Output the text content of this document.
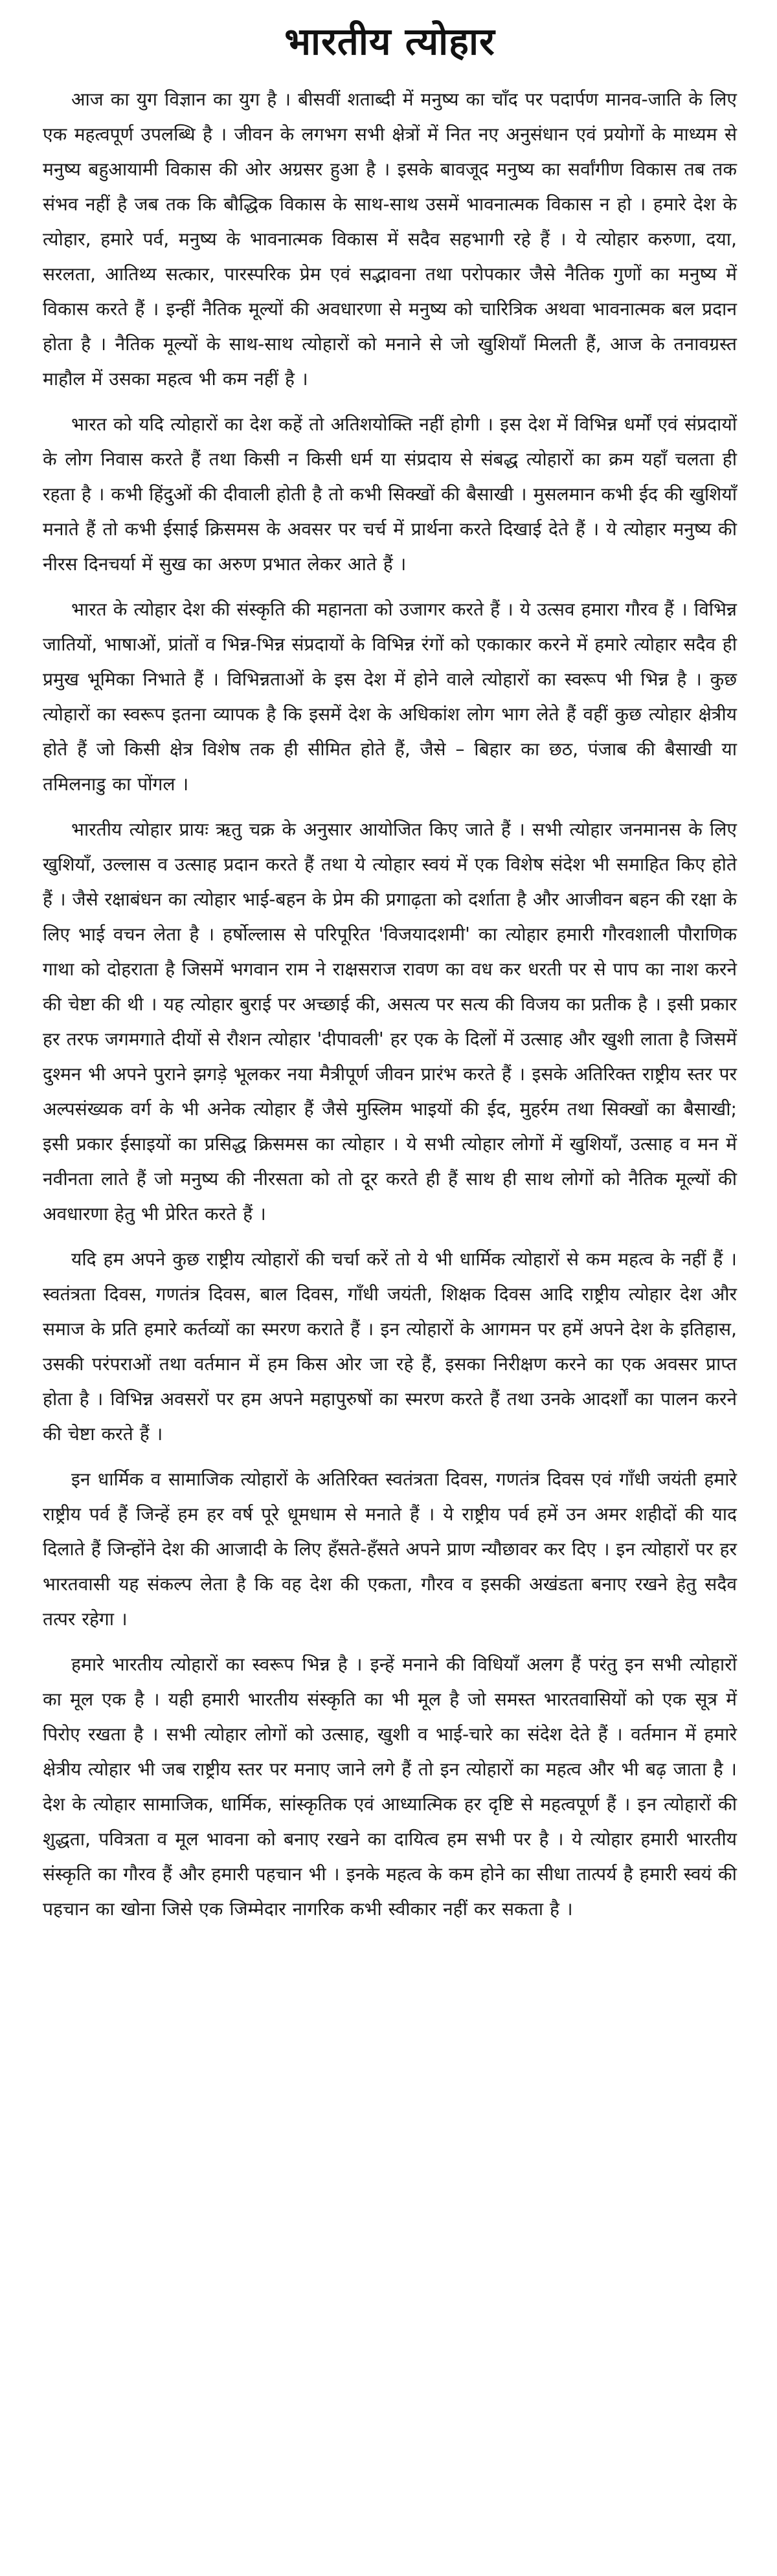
भारतीय त्योहार

आज का युग विज्ञान का युग है । बीसवीं शताब्दी में मनुष्य का चाँद पर पदार्पण मानव-जाति के लिए एक महत्वपूर्ण उपलब्धि है । जीवन के लगभग सभी क्षेत्रों में नित नए अनुसंधान एवं प्रयोगों के माध्यम से मनुष्य बहुआयामी विकास की ओर अग्रसर हुआ है । इसके बावजूद मनुष्य का सर्वांगीण विकास तब तक संभव नहीं है जब तक कि बौद्धिक विकास के साथ-साथ उसमें भावनात्मक विकास न हो । हमारे देश के त्योहार, हमारे पर्व, मनुष्य के भावनात्मक विकास में सदैव सहभागी रहे हैं । ये त्योहार करुणा, दया, सरलता, आतिथ्य सत्कार, पारस्परिक प्रेम एवं सद्भावना तथा परोपकार जैसे नैतिक गुणों का मनुष्य में विकास करते हैं । इन्हीं नैतिक मूल्यों की अवधारणा से मनुष्य को चारित्रिक अथवा भावनात्मक बल प्रदान होता है । नैतिक मूल्यों के साथ-साथ त्योहारों को मनाने से जो खुशियाँ मिलती हैं, आज के तनावग्रस्त माहौल में उसका महत्व भी कम नहीं है ।

भारत को यदि त्योहारों का देश कहें तो अतिशयोक्ति नहीं होगी । इस देश में विभिन्न धर्मों एवं संप्रदायों के लोग निवास करते हैं तथा किसी न किसी धर्म या संप्रदाय से संबद्ध त्योहारों का क्रम यहाँ चलता ही रहता है । कभी हिंदुओं की दीवाली होती है तो कभी सिक्खों की बैसाखी । मुसलमान कभी ईद की खुशियाँ मनाते हैं तो कभी ईसाई क्रिसमस के अवसर पर चर्च में प्रार्थना करते दिखाई देते हैं । ये त्योहार मनुष्य की नीरस दिनचर्या में सुख का अरुण प्रभात लेकर आते हैं ।

भारत के त्योहार देश की संस्कृति की महानता को उजागर करते हैं । ये उत्सव हमारा गौरव हैं । विभिन्न जातियों, भाषाओं, प्रांतों व भिन्न-भिन्न संप्रदायों के विभिन्न रंगों को एकाकार करने में हमारे त्योहार सदैव ही प्रमुख भूमिका निभाते हैं । विभिन्नताओं के इस देश में होने वाले त्योहारों का स्वरूप भी भिन्न है । कुछ त्योहारों का स्वरूप इतना व्यापक है कि इसमें देश के अधिकांश लोग भाग लेते हैं वहीं कुछ त्योहार क्षेत्रीय होते हैं जो किसी क्षेत्र विशेष तक ही सीमित होते हैं, जैसे – बिहार का छठ, पंजाब की बैसाखी या तमिलनाडु का पोंगल ।

भारतीय त्योहार प्रायः ऋतु चक्र के अनुसार आयोजित किए जाते हैं । सभी त्योहार जनमानस के लिए खुशियाँ, उल्लास व उत्साह प्रदान करते हैं तथा ये त्योहार स्वयं में एक विशेष संदेश भी समाहित किए होते हैं । जैसे रक्षाबंधन का त्योहार भाई-बहन के प्रेम की प्रगाढ़ता को दर्शाता है और आजीवन बहन की रक्षा के लिए भाई वचन लेता है । हर्षोल्लास से परिपूरित 'विजयादशमी' का त्योहार हमारी गौरवशाली पौराणिक गाथा को दोहराता है जिसमें भगवान राम ने राक्षसराज रावण का वध कर धरती पर से पाप का नाश करने की चेष्टा की थी । यह त्योहार बुराई पर अच्छाई की, असत्य पर सत्य की विजय का प्रतीक है । इसी प्रकार हर तरफ जगमगाते दीयों से रौशन त्योहार 'दीपावली' हर एक के दिलों में उत्साह और खुशी लाता है जिसमें दुश्मन भी अपने पुराने झगड़े भूलकर नया मैत्रीपूर्ण जीवन प्रारंभ करते हैं । इसके अतिरिक्त राष्ट्रीय स्तर पर अल्पसंख्यक वर्ग के भी अनेक त्योहार हैं जैसे मुस्लिम भाइयों की ईद, मुहर्रम तथा सिक्खों का बैसाखी; इसी प्रकार ईसाइयों का प्रसिद्ध क्रिसमस का त्योहार । ये सभी त्योहार लोगों में खुशियाँ, उत्साह व मन में नवीनता लाते हैं जो मनुष्य की नीरसता को तो दूर करते ही हैं साथ ही साथ लोगों को नैतिक मूल्यों की अवधारणा हेतु भी प्रेरित करते हैं ।

यदि हम अपने कुछ राष्ट्रीय त्योहारों की चर्चा करें तो ये भी धार्मिक त्योहारों से कम महत्व के नहीं हैं । स्वतंत्रता दिवस, गणतंत्र दिवस, बाल दिवस, गाँधी जयंती, शिक्षक दिवस आदि राष्ट्रीय त्योहार देश और समाज के प्रति हमारे कर्तव्यों का स्मरण कराते हैं । इन त्योहारों के आगमन पर हमें अपने देश के इतिहास, उसकी परंपराओं तथा वर्तमान में हम किस ओर जा रहे हैं, इसका निरीक्षण करने का एक अवसर प्राप्त होता है । विभिन्न अवसरों पर हम अपने महापुरुषों का स्मरण करते हैं तथा उनके आदर्शों का पालन करने की चेष्टा करते हैं ।

इन धार्मिक व सामाजिक त्योहारों के अतिरिक्त स्वतंत्रता दिवस, गणतंत्र दिवस एवं गाँधी जयंती हमारे राष्ट्रीय पर्व हैं जिन्हें हम हर वर्ष पूरे धूमधाम से मनाते हैं । ये राष्ट्रीय पर्व हमें उन अमर शहीदों की याद दिलाते हैं जिन्होंने देश की आजादी के लिए हँसते-हँसते अपने प्राण न्यौछावर कर दिए । इन त्योहारों पर हर भारतवासी यह संकल्प लेता है कि वह देश की एकता, गौरव व इसकी अखंडता बनाए रखने हेतु सदैव तत्पर रहेगा ।

हमारे भारतीय त्योहारों का स्वरूप भिन्न है । इन्हें मनाने की विधियाँ अलग हैं परंतु इन सभी त्योहारों का मूल एक है । यही हमारी भारतीय संस्कृति का भी मूल है जो समस्त भारतवासियों को एक सूत्र में पिरोए रखता है । सभी त्योहार लोगों को उत्साह, खुशी व भाई-चारे का संदेश देते हैं । वर्तमान में हमारे क्षेत्रीय त्योहार भी जब राष्ट्रीय स्तर पर मनाए जाने लगे हैं तो इन त्योहारों का महत्व और भी बढ़ जाता है । देश के त्योहार सामाजिक, धार्मिक, सांस्कृतिक एवं आध्यात्मिक हर दृष्टि से महत्वपूर्ण हैं । इन त्योहारों की शुद्धता, पवित्रता व मूल भावना को बनाए रखने का दायित्व हम सभी पर है । ये त्योहार हमारी भारतीय संस्कृति का गौरव हैं और हमारी पहचान भी । इनके महत्व के कम होने का सीधा तात्पर्य है हमारी स्वयं की पहचान का खोना जिसे एक जिम्मेदार नागरिक कभी स्वीकार नहीं कर सकता है ।
